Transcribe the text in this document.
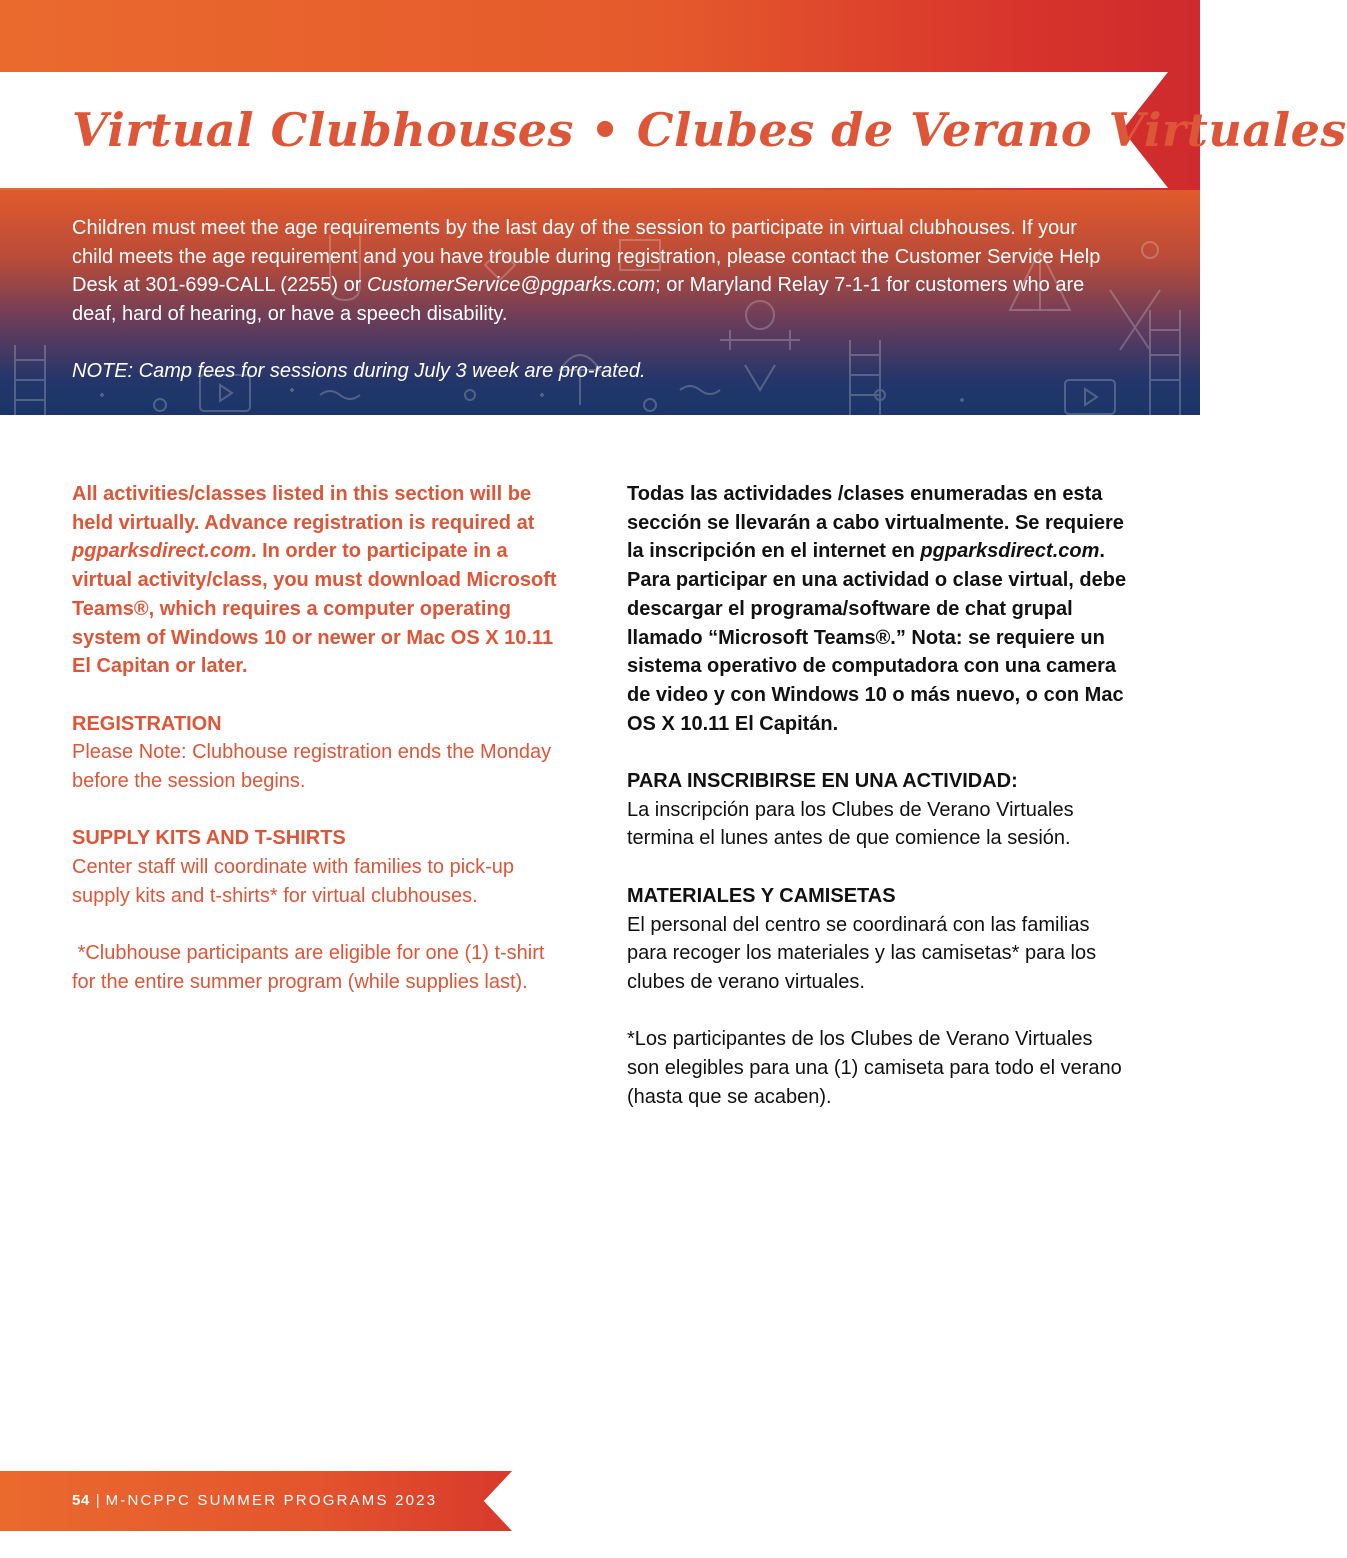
Virtual Clubhouses • Clubes de Verano Virtuales

Children must meet the age requirements by the last day of the session to participate in virtual clubhouses. If your child meets the age requirement and you have trouble during registration, please contact the Customer Service Help Desk at 301-699-CALL (2255) or CustomerService@pgparks.com; or Maryland Relay 7-1-1 for customers who are deaf, hard of hearing, or have a speech disability.

NOTE: Camp fees for sessions during July 3 week are pro-rated.

All activities/classes listed in this section will be held virtually. Advance registration is required at pgparksdirect.com. In order to participate in a virtual activity/class, you must download Microsoft Teams®, which requires a computer operating system of Windows 10 or newer or Mac OS X 10.11 El Capitan or later.

REGISTRATION

Please Note: Clubhouse registration ends the Monday before the session begins.

SUPPLY KITS AND T-SHIRTS

Center staff will coordinate with families to pick-up supply kits and t-shirts* for virtual clubhouses.

*Clubhouse participants are eligible for one (1) t-shirt for the entire summer program (while supplies last).

Todas las actividades /clases enumeradas en esta sección se llevarán a cabo virtualmente. Se requiere la inscripción en el internet en pgparksdirect.com. Para participar en una actividad o clase virtual, debe descargar el programa/software de chat grupal llamado “Microsoft Teams®.” Nota: se requiere un sistema operativo de computadora con una camera de video y con Windows 10 o más nuevo, o con Mac OS X 10.11 El Capitán.

PARA INSCRIBIRSE EN UNA ACTIVIDAD:

La inscripción para los Clubes de Verano Virtuales termina el lunes antes de que comience la sesión.

MATERIALES Y CAMISETAS

El personal del centro se coordinará con las familias para recoger los materiales y las camisetas* para los clubes de verano virtuales.

*Los participantes de los Clubes de Verano Virtuales son elegibles para una (1) camiseta para todo el verano (hasta que se acaben).

54 | M-NCPPC SUMMER PROGRAMS 2023
